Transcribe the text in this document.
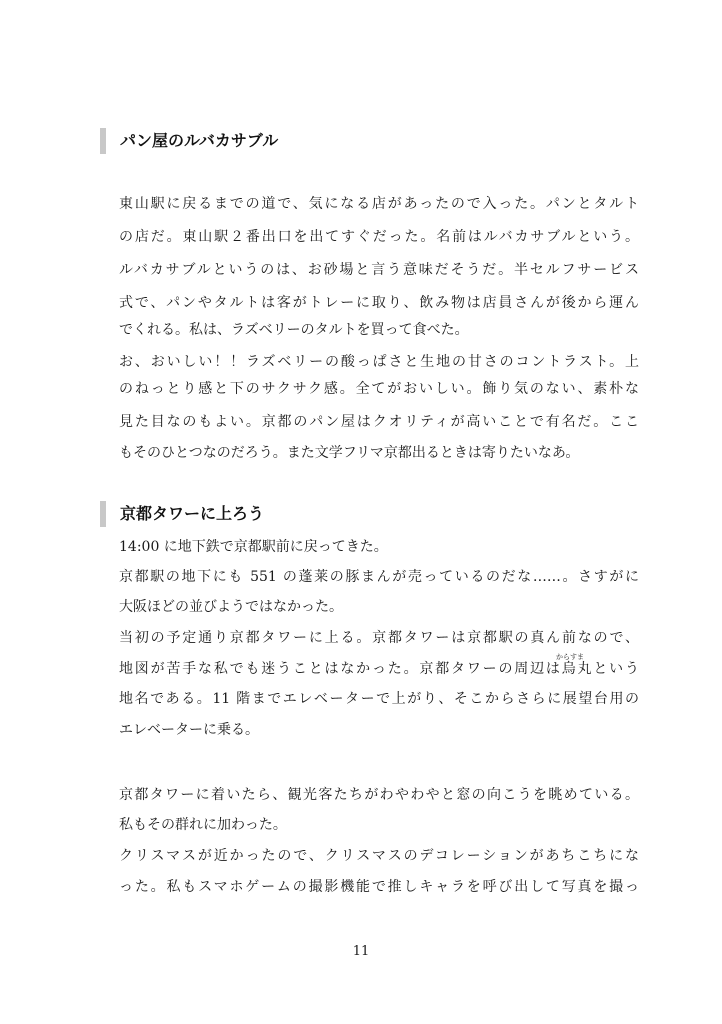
パン屋のルバカサブル
東山駅に戻るまでの道で、気になる店があったので入った。パンとタルト
の店だ。東山駅２番出口を出てすぐだった。名前はルバカサブルという。
ルバカサブルというのは、お砂場と言う意味だそうだ。半セルフサービス
式で、パンやタルトは客がトレーに取り、飲み物は店員さんが後から運ん
でくれる。私は、ラズベリーのタルトを買って食べた。
お、おいしい！！ラズベリーの酸っぱさと生地の甘さのコントラスト。上
のねっとり感と下のサクサク感。全てがおいしい。飾り気のない、素朴な
見た目なのもよい。京都のパン屋はクオリティが高いことで有名だ。ここ
もそのひとつなのだろう。また文学フリマ京都出るときは寄りたいなあ。
京都タワーに上ろう
14:00 に地下鉄で京都駅前に戻ってきた。
京都駅の地下にも 551 の蓬莱の豚まんが売っているのだな……。さすがに
大阪ほどの並びようではなかった。
当初の予定通り京都タワーに上る。京都タワーは京都駅の真ん前なので、
からすま
地図が苦手な私でも迷うことはなかった。京都タワーの周辺は烏丸という
地名である。11 階までエレベーターで上がり、そこからさらに展望台用の
エレベーターに乗る。
京都タワーに着いたら、観光客たちがわやわやと窓の向こうを眺めている。
私もその群れに加わった。
クリスマスが近かったので、クリスマスのデコレーションがあちこちにな
った。私もスマホゲームの撮影機能で推しキャラを呼び出して写真を撮っ
11
